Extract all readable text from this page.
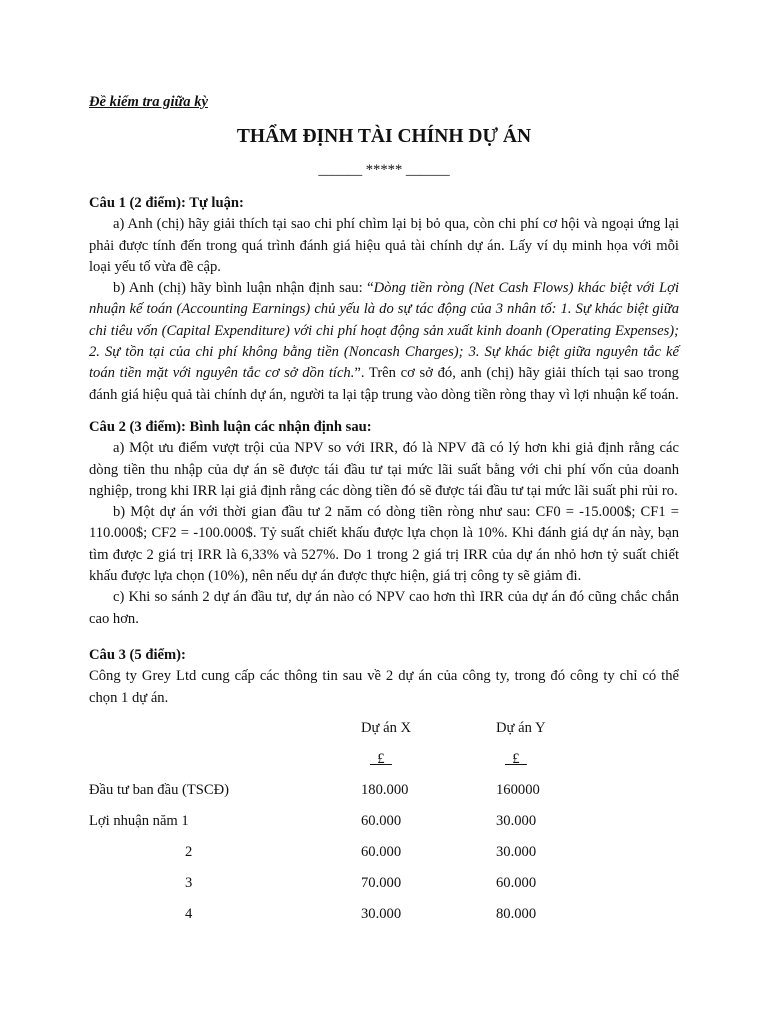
Đề kiểm tra giữa kỳ
THẨM ĐỊNH TÀI CHÍNH DỰ ÁN
______ ***** ______
Câu 1 (2 điểm): Tự luận:

a) Anh (chị) hãy giải thích tại sao chi phí chìm lại bị bỏ qua, còn chi phí cơ hội và ngoại ứng lại phải được tính đến trong quá trình đánh giá hiệu quả tài chính dự án. Lấy ví dụ minh họa với mỗi loại yếu tố vừa đề cập.

b) Anh (chị) hãy bình luận nhận định sau: “Dòng tiền ròng (Net Cash Flows) khác biệt với Lợi nhuận kế toán (Accounting Earnings) chủ yếu là do sự tác động của 3 nhân tố: 1. Sự khác biệt giữa chi tiêu vốn (Capital Expenditure) với chi phí hoạt động sản xuất kinh doanh (Operating Expenses); 2. Sự tồn tại của chi phí không bằng tiền (Noncash Charges); 3. Sự khác biệt giữa nguyên tắc kế toán tiền mặt với nguyên tắc cơ sở dồn tích.”. Trên cơ sở đó, anh (chị) hãy giải thích tại sao trong đánh giá hiệu quả tài chính dự án, người ta lại tập trung vào dòng tiền ròng thay vì lợi nhuận kế toán.

Câu 2 (3 điểm): Bình luận các nhận định sau:

a) Một ưu điểm vượt trội của NPV so với IRR, đó là NPV đã có lý hơn khi giả định rằng các dòng tiền thu nhập của dự án sẽ được tái đầu tư tại mức lãi suất bằng với chi phí vốn của doanh nghiệp, trong khi IRR lại giả định rằng các dòng tiền đó sẽ được tái đầu tư tại mức lãi suất phi rủi ro.

b) Một dự án với thời gian đầu tư 2 năm có dòng tiền ròng như sau: CF0 = -15.000$; CF1 = 110.000$; CF2 = -100.000$. Tỷ suất chiết khấu được lựa chọn là 10%. Khi đánh giá dự án này, bạn tìm được 2 giá trị IRR là 6,33% và 527%. Do 1 trong 2 giá trị IRR của dự án nhỏ hơn tỷ suất chiết khấu được lựa chọn (10%), nên nếu dự án được thực hiện, giá trị công ty sẽ giảm đi.

c) Khi so sánh 2 dự án đầu tư, dự án nào có NPV cao hơn thì IRR của dự án đó cũng chắc chắn cao hơn.

Câu 3 (5 điểm):

Công ty Grey Ltd cung cấp các thông tin sau về 2 dự án của công ty, trong đó công ty chỉ có thể chọn 1 dự án.

Dự án X	Dự án Y
£	£
Đầu tư ban đầu (TSCĐ)	180.000	160000
Lợi nhuận năm 1	60.000	30.000
2	60.000	30.000
3	70.000	60.000
4	30.000	80.000
